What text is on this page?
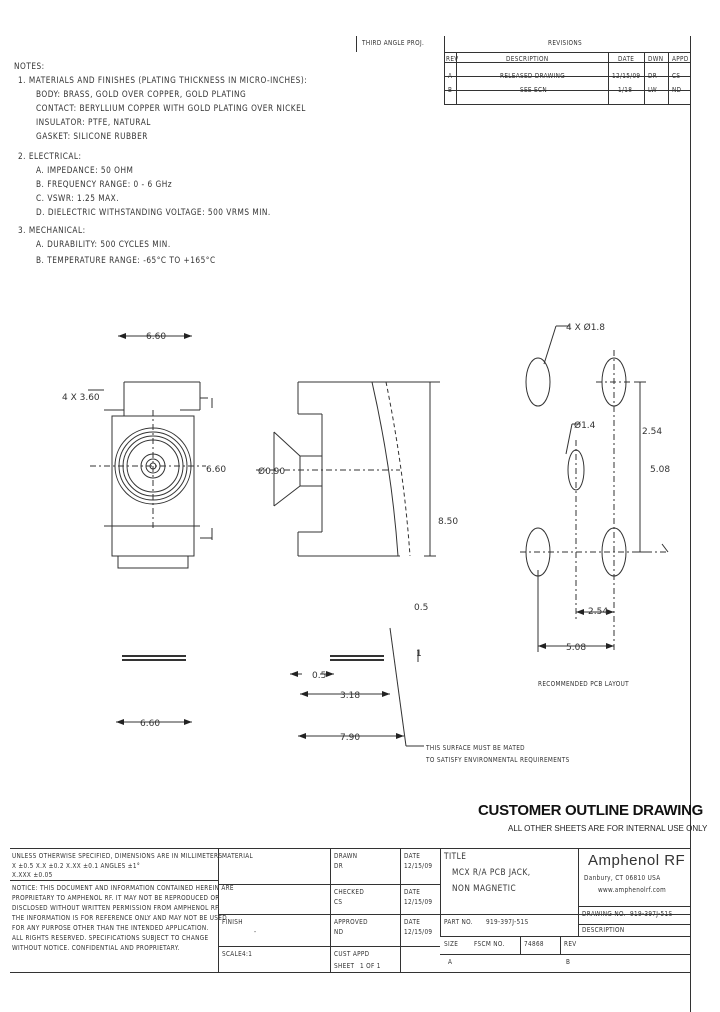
THIRD ANGLE PROJ.	REVISIONS
REV	DESCRIPTION	DATE DWN APPD
A	RELEASED DRAWING	12/15/09 DR CS
B	SEE ECN	1/18 LW ND
NOTES:
1. MATERIALS AND FINISHES (PLATING THICKNESS IN MICRO-INCHES):
BODY: BRASS, GOLD OVER COPPER, GOLD PLATING
CONTACT: BERYLLIUM COPPER WITH GOLD PLATING OVER NICKEL
INSULATOR: PTFE, NATURAL
GASKET: SILICONE RUBBER
2. ELECTRICAL:
A. IMPEDANCE: 50 OHM
B. FREQUENCY RANGE: 0 - 6 GHz
C. VSWR: 1.25 MAX.
D. DIELECTRIC WITHSTANDING VOLTAGE: 500 VRMS MIN.
3. MECHANICAL:
A. DURABILITY: 500 CYCLES MIN.
B. TEMPERATURE RANGE: -65°C TO +165°C
6.60
4 X 3.60
6.60	Ø0.90
8.50
0.5
1
0.5
3.18
7.90
6.60
4 X Ø1.8
Ø1.4
5.08
2.54
2.54
5.08
RECOMMENDED PCB LAYOUT
THIS SURFACE MUST BE MATED
TO SATISFY ENVIRONMENTAL REQUIREMENTS
CUSTOMER OUTLINE DRAWING
ALL OTHER SHEETS ARE FOR INTERNAL USE ONLY
UNLESS OTHERWISE SPECIFIED, DIMENSIONS ARE IN MILLIMETERS
X ±0.5 X.X ±0.2 X.XX ±0.1 ANGLES ±1°
X.XXX ±0.05
NOTICE: THIS DOCUMENT AND INFORMATION CONTAINED HEREIN ARE
PROPRIETARY TO AMPHENOL RF. IT MAY NOT BE REPRODUCED OR
DISCLOSED WITHOUT WRITTEN PERMISSION FROM AMPHENOL RF.
THE INFORMATION IS FOR REFERENCE ONLY AND MAY NOT BE USED
FOR ANY PURPOSE OTHER THAN THE INTENDED APPLICATION.
ALL RIGHTS RESERVED. SPECIFICATIONS SUBJECT TO CHANGE
WITHOUT NOTICE. CONFIDENTIAL AND PROPRIETARY.
MATERIAL
FINISH
-
SCALE 4:1
DRAWN
DR
DATE
12/15/09
CHECKED
CS
DATE
12/15/09
APPROVED
ND
DATE
12/15/09
CUST APPD
SHEET 1 OF 1
TITLE
MCX R/A PCB JACK,
NON MAGNETIC
SIZE FSCM NO.	74868	REV
A	B
Amphenol RF
Danbury, CT 06810 USA
www.amphenolrf.com
DRAWING NO. 919-397J-51S
DESCRIPTION
PART NO. 919-397J-51S
